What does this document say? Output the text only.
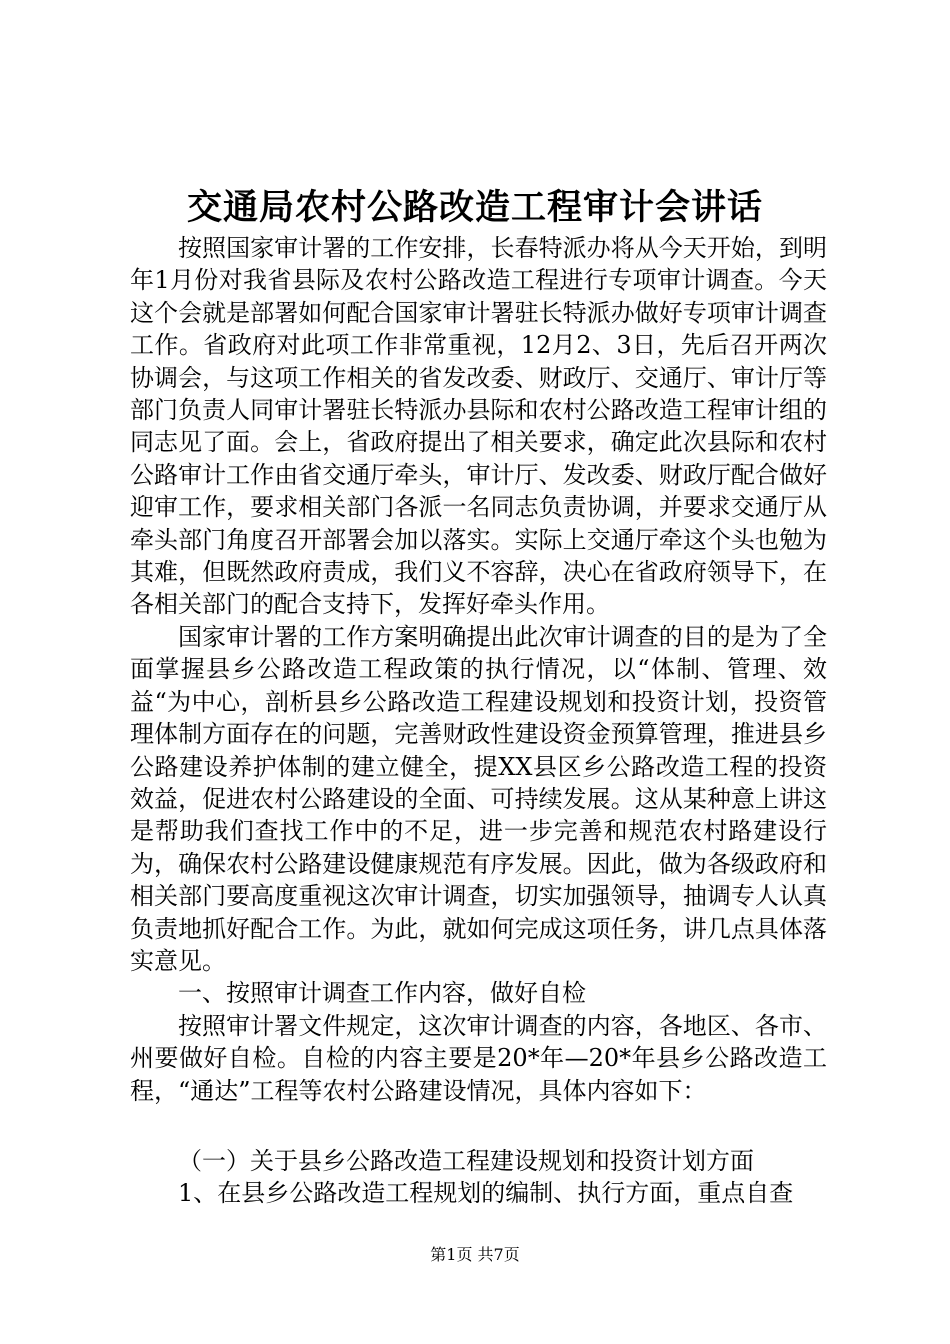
交通局农村公路改造工程审计会讲话

按照国家审计署的工作安排，长春特派办将从今天开始，到明年1月份对我省县际及农村公路改造工程进行专项审计调查。今天这个会就是部署如何配合国家审计署驻长特派办做好专项审计调查工作。省政府对此项工作非常重视，12月2、3日，先后召开两次协调会，与这项工作相关的省发改委、财政厅、交通厅、审计厅等部门负责人同审计署驻长特派办县际和农村公路改造工程审计组的同志见了面。会上，省政府提出了相关要求，确定此次县际和农村公路审计工作由省交通厅牵头，审计厅、发改委、财政厅配合做好迎审工作，要求相关部门各派一名同志负责协调，并要求交通厅从牵头部门角度召开部署会加以落实。实际上交通厅牵这个头也勉为其难，但既然政府责成，我们义不容辞，决心在省政府领导下，在各相关部门的配合支持下，发挥好牵头作用。

国家审计署的工作方案明确提出此次审计调查的目的是为了全面掌握县乡公路改造工程政策的执行情况，以“体制、管理、效益“为中心，剖析县乡公路改造工程建设规划和投资计划，投资管理体制方面存在的问题，完善财政性建设资金预算管理，推进县乡公路建设养护体制的建立健全，提XX县区乡公路改造工程的投资效益，促进农村公路建设的全面、可持续发展。这从某种意上讲这是帮助我们查找工作中的不足，进一步完善和规范农村路建设行为，确保农村公路建设健康规范有序发展。因此，做为各级政府和相关部门要高度重视这次审计调查，切实加强领导，抽调专人认真负责地抓好配合工作。为此，就如何完成这项任务，讲几点具体落实意见。

一、按照审计调查工作内容，做好自检

按照审计署文件规定，这次审计调查的内容，各地区、各市、州要做好自检。自检的内容主要是20*年—20*年县乡公路改造工程，“通达”工程等农村公路建设情况，具体内容如下：

（一）关于县乡公路改造工程建设规划和投资计划方面

1、在县乡公路改造工程规划的编制、执行方面，重点自查

第1页 共7页
